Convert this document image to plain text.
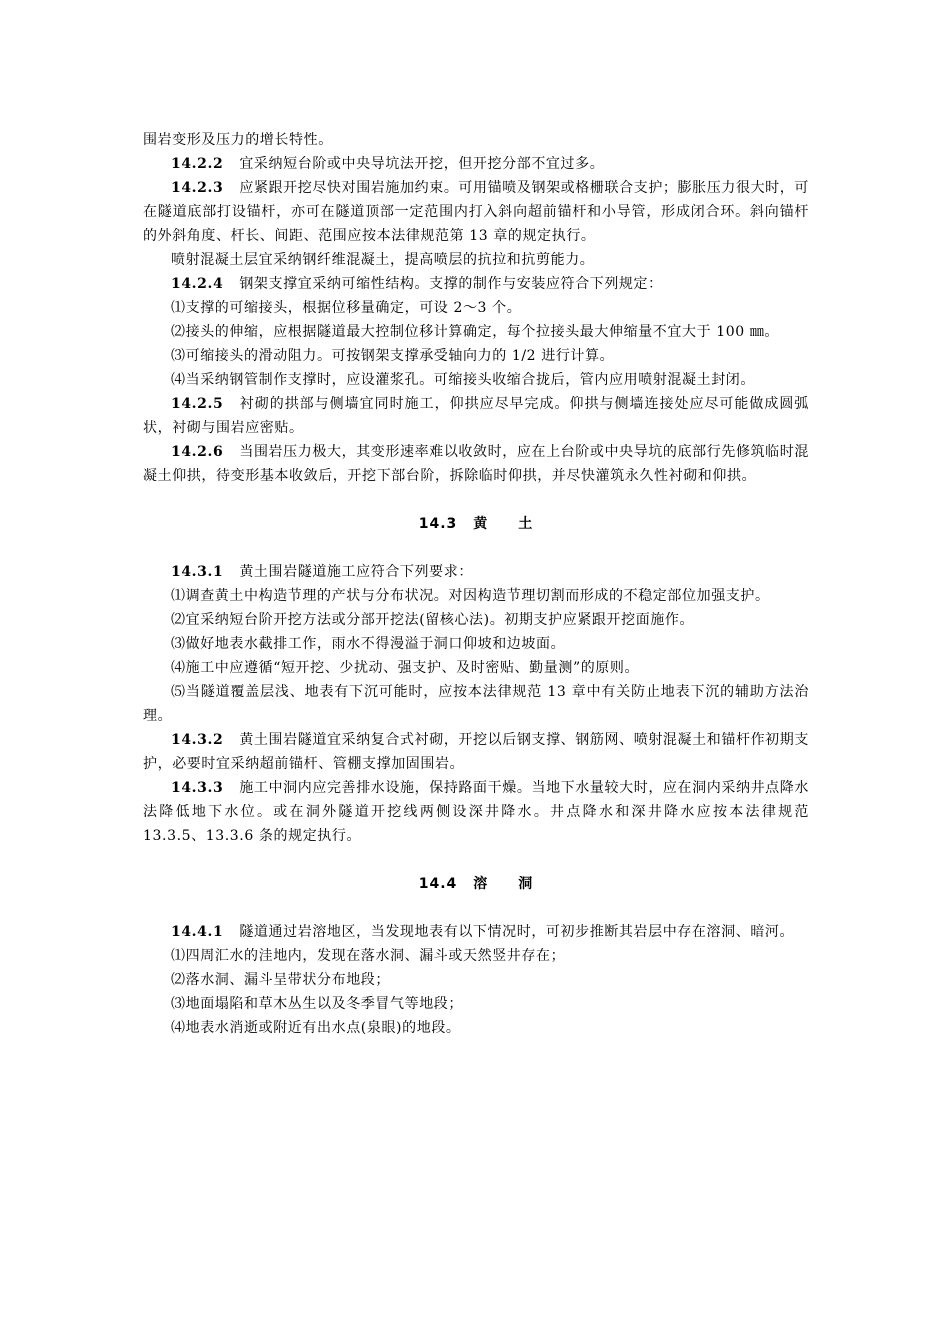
围岩变形及压力的增长特性。

14.2.2 宜采纳短台阶或中央导坑法开挖，但开挖分部不宜过多。

14.2.3 应紧跟开挖尽快对围岩施加约束。可用锚喷及钢架或格栅联合支护；膨胀压力很大时，可在隧道底部打设锚杆，亦可在隧道顶部一定范围内打入斜向超前锚杆和小导管，形成闭合环。斜向锚杆的外斜角度、杆长、间距、范围应按本法律规范第 13 章的规定执行。

喷射混凝土层宜采纳钢纤维混凝土，提高喷层的抗拉和抗剪能力。

14.2.4 钢架支撑宜采纳可缩性结构。支撑的制作与安装应符合下列规定：

⑴支撑的可缩接头，根据位移量确定，可设 2～3 个。

⑵接头的伸缩，应根据隧道最大控制位移计算确定，每个拉接头最大伸缩量不宜大于 100 ㎜。

⑶可缩接头的滑动阻力。可按钢架支撑承受轴向力的 1/2 进行计算。

⑷当采纳钢管制作支撑时，应设灌浆孔。可缩接头收缩合拢后，管内应用喷射混凝土封闭。

14.2.5 衬砌的拱部与侧墙宜同时施工，仰拱应尽早完成。仰拱与侧墙连接处应尽可能做成圆弧状，衬砌与围岩应密贴。

14.2.6 当围岩压力极大，其变形速率难以收敛时，应在上台阶或中央导坑的底部行先修筑临时混凝土仰拱，待变形基本收敛后，开挖下部台阶，拆除临时仰拱，并尽快灌筑永久性衬砌和仰拱。

14.3 黄　　土

14.3.1 黄土围岩隧道施工应符合下列要求：

⑴调查黄土中构造节理的产状与分布状况。对因构造节理切割而形成的不稳定部位加强支护。

⑵宜采纳短台阶开挖方法或分部开挖法(留核心法)。初期支护应紧跟开挖面施作。

⑶做好地表水截排工作，雨水不得漫溢于洞口仰坡和边坡面。

⑷施工中应遵循“短开挖、少扰动、强支护、及时密贴、勤量测”的原则。

⑸当隧道覆盖层浅、地表有下沉可能时，应按本法律规范 13 章中有关防止地表下沉的辅助方法治理。

14.3.2 黄土围岩隧道宜采纳复合式衬砌，开挖以后钢支撑、钢筋网、喷射混凝土和锚杆作初期支护，必要时宜采纳超前锚杆、管棚支撑加固围岩。

14.3.3 施工中洞内应完善排水设施，保持路面干燥。当地下水量较大时，应在洞内采纳井点降水法降低地下水位。或在洞外隧道开挖线两侧设深井降水。井点降水和深井降水应按本法律规范 13.3.5、13.3.6 条的规定执行。

14.4 溶　　洞

14.4.1 隧道通过岩溶地区，当发现地表有以下情况时，可初步推断其岩层中存在溶洞、暗河。

⑴四周汇水的洼地内，发现在落水洞、漏斗或天然竖井存在；

⑵落水洞、漏斗呈带状分布地段；

⑶地面塌陷和草木丛生以及冬季冒气等地段；

⑷地表水消逝或附近有出水点(泉眼)的地段。
